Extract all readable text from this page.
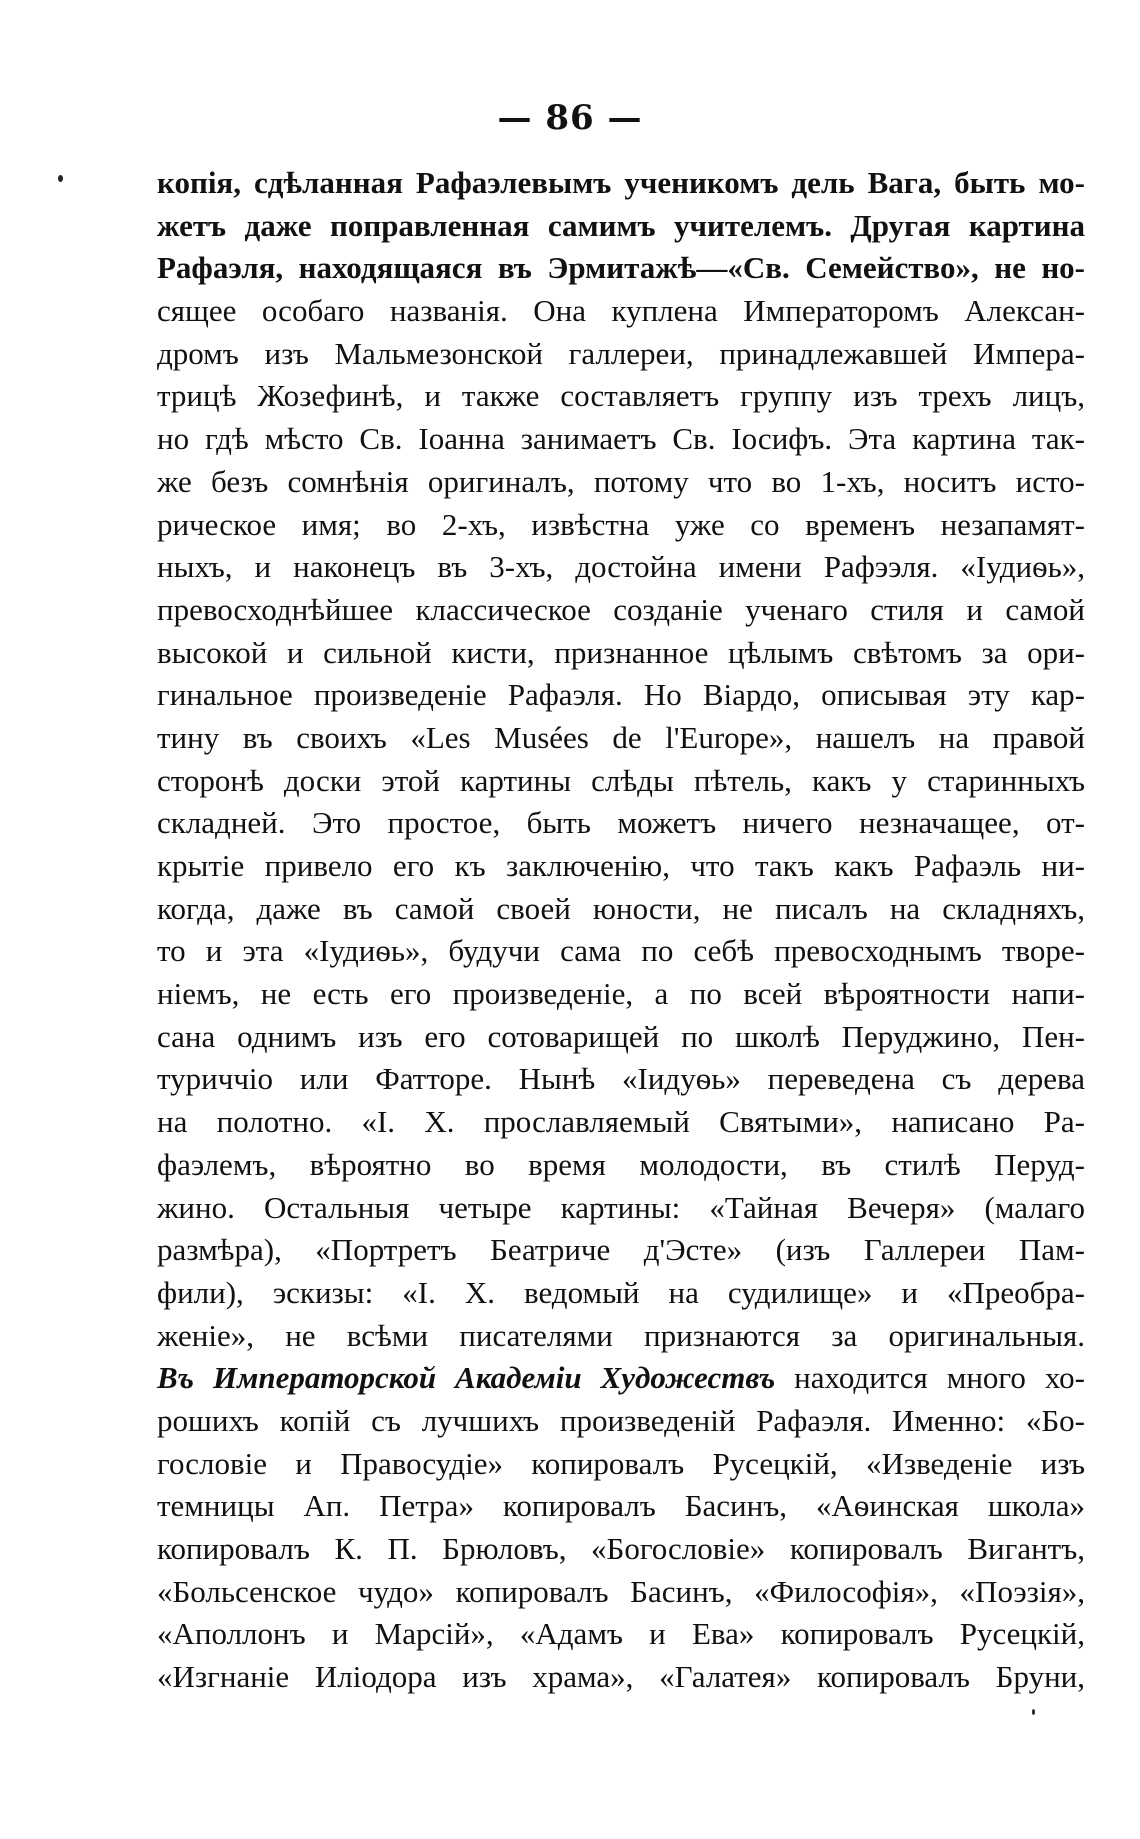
— 86 —
копія, сдѣланная Рафаэлевымъ ученикомъ дель Вага, быть мо-
жетъ даже поправленная самимъ учителемъ. Другая картина
Рафаэля, находящаяся въ Эрмитажѣ—«Св. Семейство», не но-
сящее особаго названія. Она куплена Императоромъ Алексан-
дромъ изъ Мальмезонской галлереи, принадлежавшей Импера-
трицѣ Жозефинѣ, и также составляетъ группу изъ трехъ лицъ,
но гдѣ мѣсто Св. Іоанна занимаетъ Св. Іосифъ. Эта картина так-
же безъ сомнѣнія оригиналъ, потому что во 1-хъ, носитъ исто-
рическое имя; во 2-хъ, извѣстна уже со временъ незапамят-
ныхъ, и наконецъ въ 3-хъ, достойна имени Рафээля. «Іудиѳь»,
превосходнѣйшее классическое созданіе ученаго стиля и самой
высокой и сильной кисти, признанное цѣлымъ свѣтомъ за ори-
гинальное произведеніе Рафаэля. Но Віардо, описывая эту кар-
тину въ своихъ «Les Musées de l'Europe», нашелъ на правой
сторонѣ доски этой картины слѣды пѣтель, какъ у старинныхъ
складней. Это простое, быть можетъ ничего незначащее, от-
крытіе привело его къ заключенію, что такъ какъ Рафаэль ни-
когда, даже въ самой своей юности, не писалъ на складняхъ,
то и эта «Іудиѳь», будучи сама по себѣ превосходнымъ творе-
ніемъ, не есть его произведеніе, а по всей вѣроятности напи-
сана однимъ изъ его сотоварищей по школѣ Перуджино, Пен-
туриччіо или Фатторе. Нынѣ «Іидуѳь» переведена съ дерева
на полотно. «І. Х. прославляемый Святыми», написано Ра-
фаэлемъ, вѣроятно во время молодости, въ стилѣ Перуд-
жино. Остальныя четыре картины: «Тайная Вечеря» (малаго
размѣра), «Портретъ Беатриче д'Эсте» (изъ Галлереи Пам-
фили), эскизы: «І. Х. ведомый на судилище» и «Преобра-
женіе», не всѣми писателями признаются за оригинальныя.
Въ Императорской Академіи Художествъ находится много хо-
рошихъ копій съ лучшихъ произведеній Рафаэля. Именно: «Бо-
гословіе и Правосудіе» копировалъ Русецкій, «Изведеніе изъ
темницы Ап. Петра» копировалъ Басинъ, «Аѳинская школа»
копировалъ К. П. Брюловъ, «Богословіе» копировалъ Вигантъ,
«Больсенское чудо» копировалъ Басинъ, «Философія», «Поэзія»,
«Аполлонъ и Марсій», «Адамъ и Ева» копировалъ Русецкій,
«Изгнаніе Иліодора изъ храма», «Галатея» копировалъ Бруни,
